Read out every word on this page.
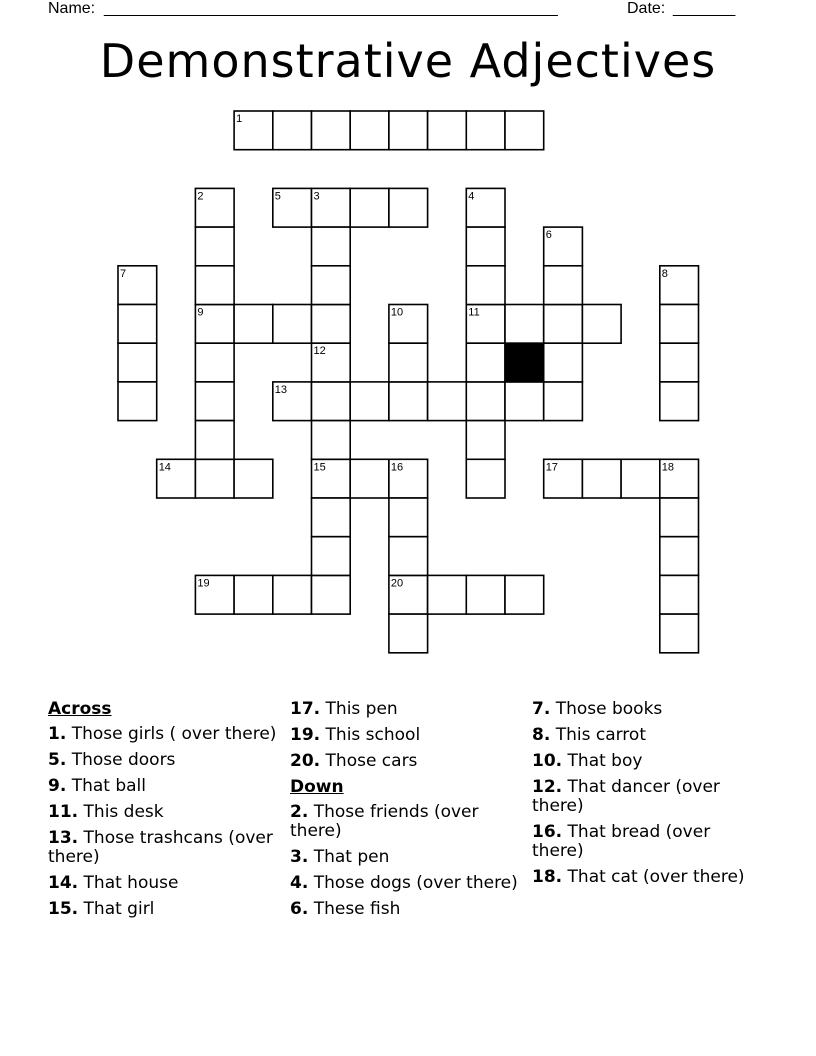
Name: ___________________________________________________	Date: _______
Demonstrative Adjectives
1
5
9	11
13
14	15	17
19	20
2	3	4
6
7	8
10
12
16	18
Across
1. Those girls ( over there)
5. Those doors
9. That ball
11. This desk
13. Those trashcans (over there)
14. That house
15. That girl
17. This pen
19. This school
20. Those cars
Down
2. Those friends (over there)
3. That pen
4. Those dogs (over there)
6. These fish
7. Those books
8. This carrot
10. That boy
12. That dancer (over there)
16. That bread (over there)
18. That cat (over there)
